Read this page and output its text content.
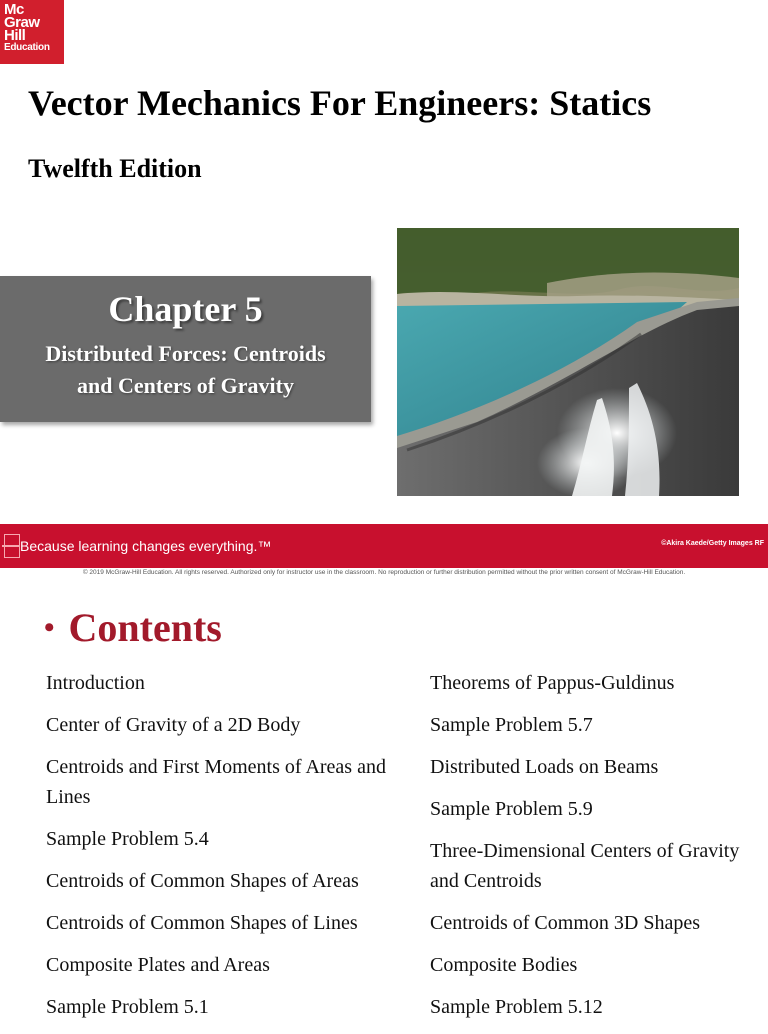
Mc
Graw
Hill
Education
Vector Mechanics For Engineers: Statics
Twelfth Edition
Chapter 5
Distributed Forces: Centroids
and Centers of Gravity
Because learning changes everything.™	©Akira Kaede/Getty Images RF
© 2019 McGraw-Hill Education. All rights reserved. Authorized only for instructor use in the classroom. No reproduction or further distribution permitted without the prior written consent of McGraw-Hill Education.
• Contents
Introduction
Center of Gravity of a 2D Body
Centroids and First Moments of Areas and Lines
Sample Problem 5.4
Centroids of Common Shapes of Areas
Centroids of Common Shapes of Lines
Composite Plates and Areas
Sample Problem 5.1
Theorems of Pappus-Guldinus
Sample Problem 5.7
Distributed Loads on Beams
Sample Problem 5.9
Three-Dimensional Centers of Gravity and Centroids
Centroids of Common 3D Shapes
Composite Bodies
Sample Problem 5.12
